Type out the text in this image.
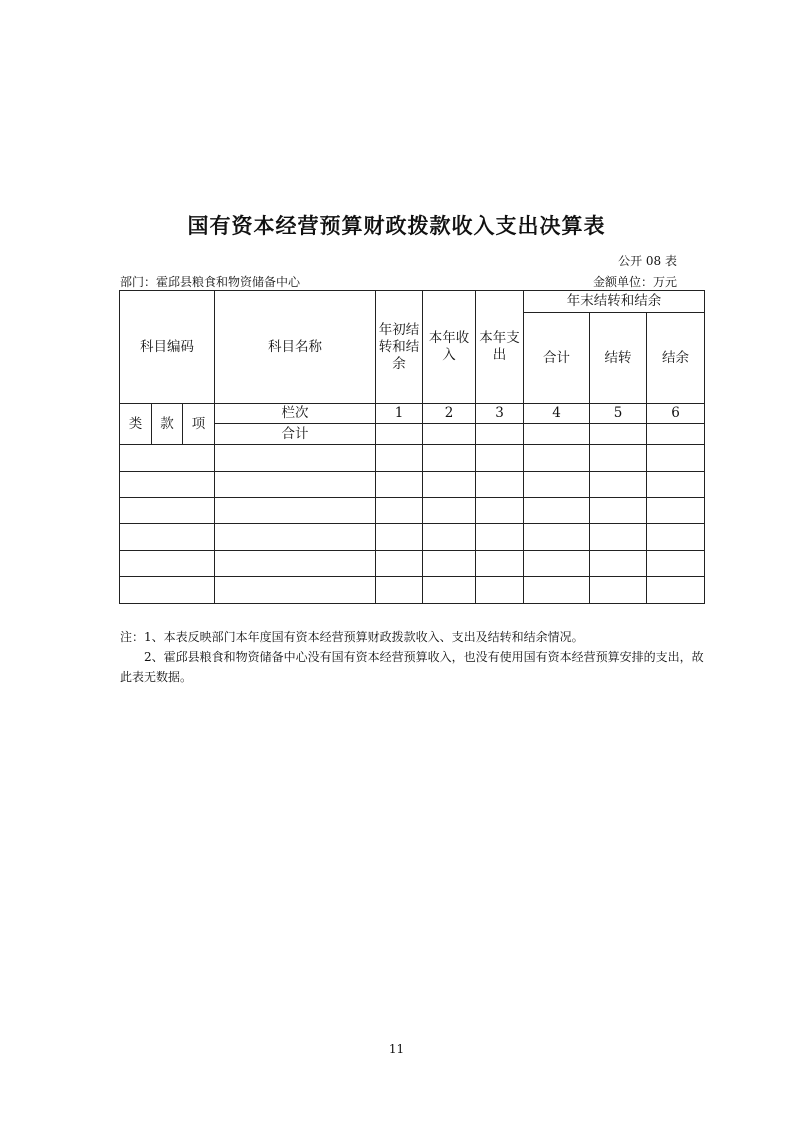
国有资本经营预算财政拨款收入支出决算表
公开 08 表
部门：霍邱县粮食和物资储备中心	金额单位：万元
科目编码			科目名称	年初结转和结余	本年收入	本年支出	年末结转和结余		
							合计	结转	结余
类	款	项	栏次	1	2	3	4	5	6
			合计						

注：1、本表反映部门本年度国有资本经营预算财政拨款收入、支出及结转和结余情况。

2、霍邱县粮食和物资储备中心没有国有资本经营预算收入，也没有使用国有资本经营预算安排的支出，故此表无数据。

11
